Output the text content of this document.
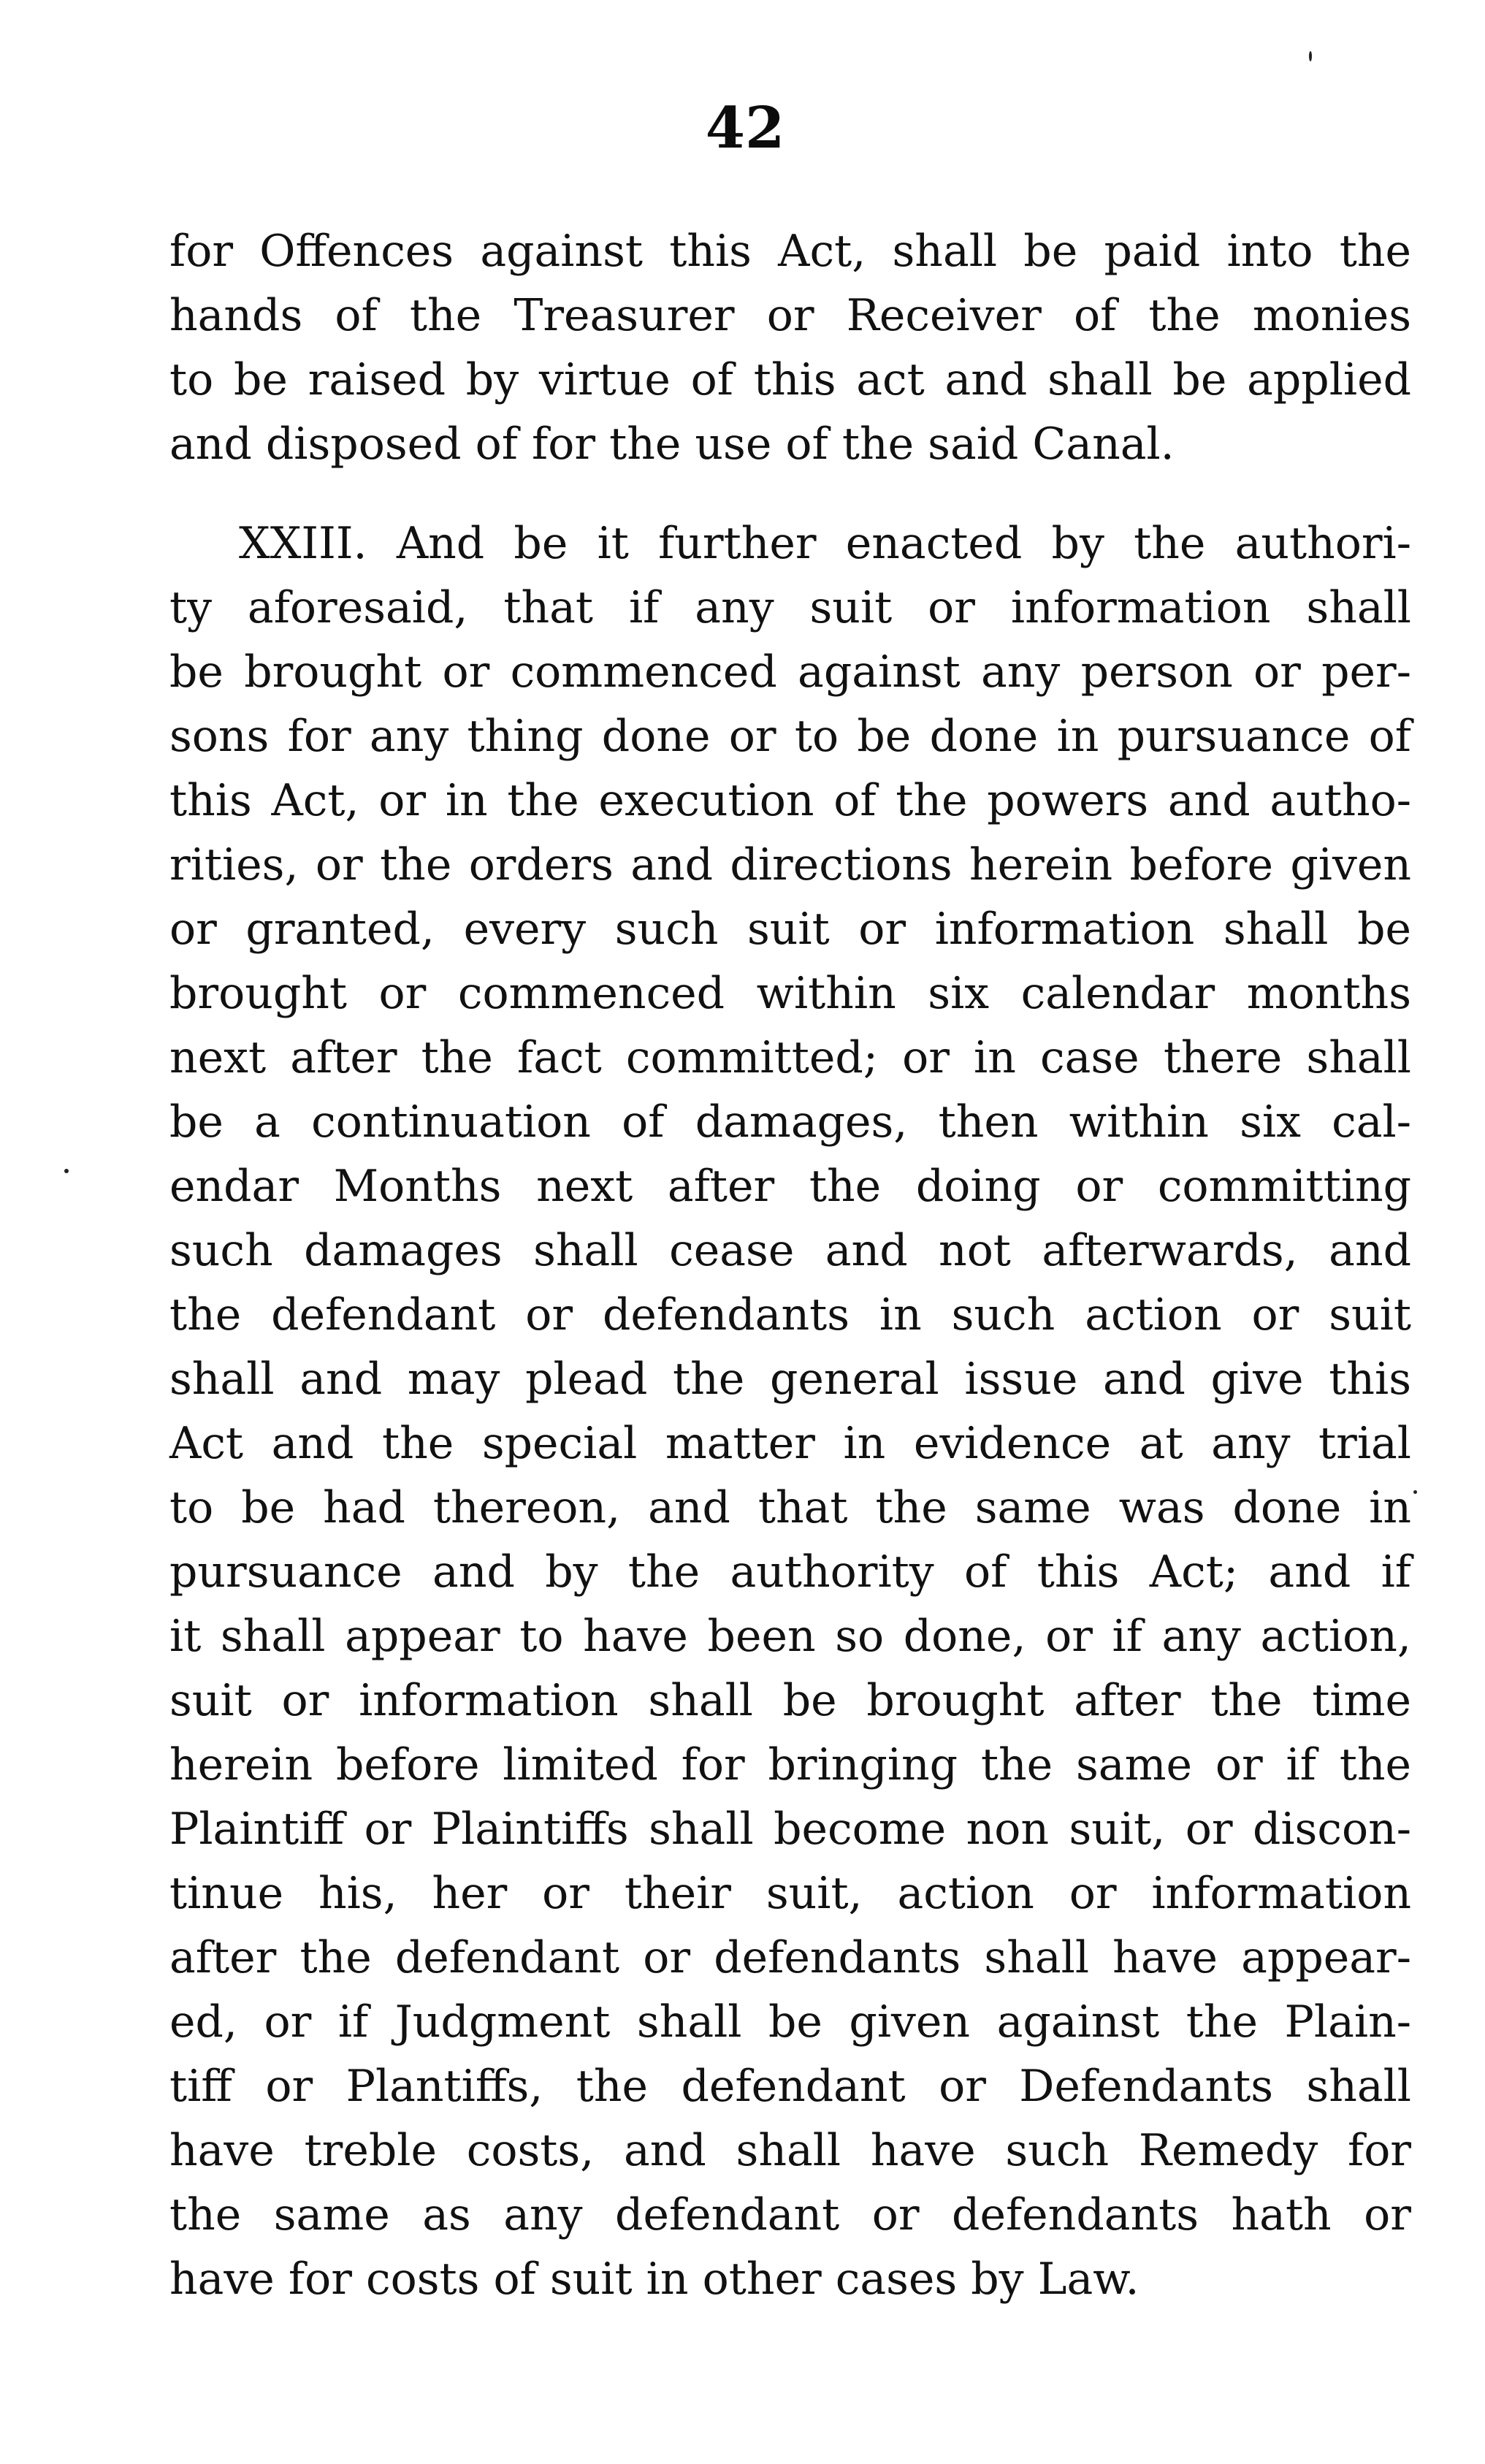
42
for Offences against this Act, shall be paid into the
hands of the Treasurer or Receiver of the monies
to be raised by virtue of this act and shall be applied
and disposed of for the use of the said Canal.
XXIII. And be it further enacted by the authori-
ty aforesaid, that if any suit or information shall
be brought or commenced against any person or per-
sons for any thing done or to be done in pursuance of
this Act, or in the execution of the powers and autho-
rities, or the orders and directions herein before given
or granted, every such suit or information shall be
brought or commenced within six calendar months
next after the fact committed; or in case there shall
be a continuation of damages, then within six cal-
endar Months next after the doing or committing
such damages shall cease and not afterwards, and
the defendant or defendants in such action or suit
shall and may plead the general issue and give this
Act and the special matter in evidence at any trial
to be had thereon, and that the same was done in
pursuance and by the authority of this Act; and if
it shall appear to have been so done, or if any action,
suit or information shall be brought after the time
herein before limited for bringing the same or if the
Plaintiff or Plaintiffs shall become non suit, or discon-
tinue his, her or their suit, action or information
after the defendant or defendants shall have appear-
ed, or if Judgment shall be given against the Plain-
tiff or Plantiffs, the defendant or Defendants shall
have treble costs, and shall have such Remedy for
the same as any defendant or defendants hath or
have for costs of suit in other cases by Law.
